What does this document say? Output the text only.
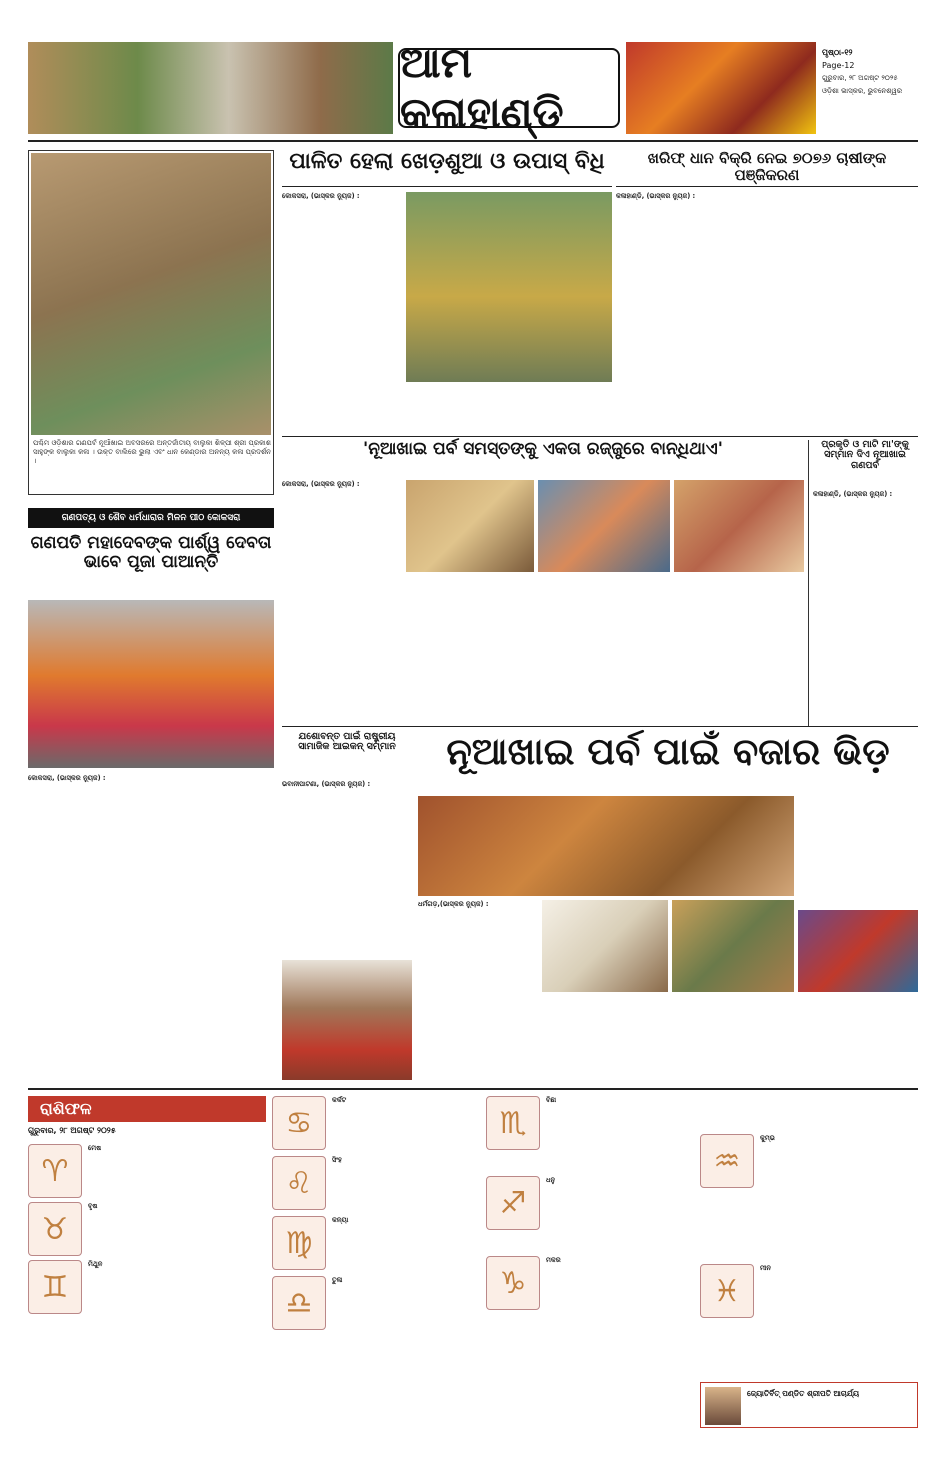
ଆମ କଳାହାଣ୍ଡି
ପୃଷ୍ଠା-୧୨
Page-12
ଗୁରୁବାର, ୨୮ ଅଗଷ୍ଟ ୨୦୨୫
ଓଡ଼ିଶା ଭାସ୍କର, ଭୁବନେଶ୍ୱର
ପଶ୍ଚିମ ଓଡ଼ିଶାର ଗଣପର୍ବ ନୂଆଁଖାଇ ଅବସରରେ ଅନ୍ତର୍ଜାତୀୟ ବାଲୁକା ଶିଳ୍ପୀ ଶ୍ରୀ ପ୍ରକାଶ ସାହୁଙ୍କ ବାଲୁକା କଳା । ଉକ୍ତ ବାଲିରେ ଭୁଲା ଏବଂ ଧାନ କେଣ୍ଡାର ଅନନ୍ୟ କଳା ପ୍ରଦର୍ଶନ ।
ପାଳିତ ହେଲା ଖେଡ଼ଶୁଆ ଓ ଉପାସ୍ ବିଧି
କୋକସରା, (ଭାସ୍କର ନ୍ୟୁଜ) :
ଖରିଫ୍ ଧାନ ବିକ୍ରି ନେଇ ୭୦୭୬ ଚାଷୀଙ୍କ ପଞ୍ଜିକରଣ
କଳାହାଣ୍ଡି, (ଭାସ୍କର ନ୍ୟୁଜ) :
'ନୂଆଖାଇ ପର୍ବ ସମସ୍ତଙ୍କୁ ଏକତା ରଜ୍ଜୁରେ ବାନ୍ଧିଥାଏ'
କୋକସରା, (ଭାସ୍କର ନ୍ୟୁଜ) :
ପ୍ରକୃତି ଓ ମାଟି ମା'ଙ୍କୁ ସମ୍ମାନ ଦିଏ ନୂଆଖାଇ ଗଣପର୍ବ
କଳାହାଣ୍ଡି, (ଭାସ୍କର ନ୍ୟୁଜ) :
ଗଣପତ୍ୟ ଓ ଶୈବ ଧର୍ମଧାରାର ମିଳନ ପୀଠ କୋକସରା
ଗଣପତି ମହାଦେବଙ୍କ ପାର୍ଶ୍ୱ ଦେବତା ଭାବେ ପୂଜା ପାଆନ୍ତି
କୋକସରା, (ଭାସ୍କର ନ୍ୟୁଜ) :
ଯଶୋବନ୍ତ ପାଇଁ ରାଷ୍ଟ୍ରୀୟ ସାମାଜିକ ଆଇକନ୍ ସମ୍ମାନ
ଭବାନୀପାଟଣା, (ଭାସ୍କର ନ୍ୟୁଜ) :
ନୂଆଖାଇ ପର୍ବ ପାଇଁ ବଜାର ଭିଡ଼
ଧର୍ମଗଡ଼,(ଭାସ୍କର ନ୍ୟୁଜ) :
ରାଶିଫଳ
ଗୁରୁବାର, ୨୮ ଅଗଷ୍ଟ ୨୦୨୫
♈
ମେଷ
♉
ବୃଷ
♊
ମିଥୁନ
♋
କର୍କଟ
♌
ସିଂହ
♍
କନ୍ୟା
♎
ତୁଳା
♏
ବିଛା
♐
ଧନୁ
♑
ମକର
♒
କୁମ୍ଭ
♓
ମୀନ
ଜ୍ୟୋତିର୍ବିତ୍ ପଣ୍ଡିତ ଶ୍ରୀପତି ଆଚାର୍ଯ୍ୟ
